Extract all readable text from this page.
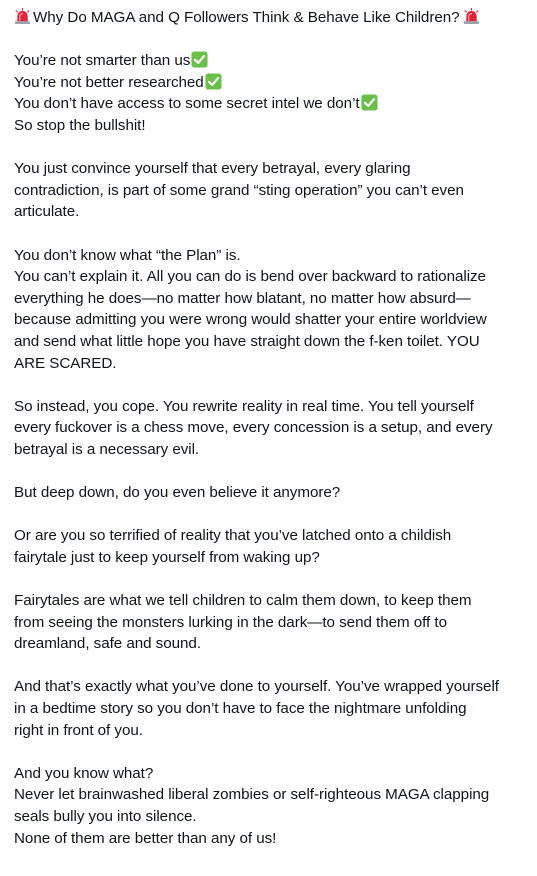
Why Do MAGA and Q Followers Think & Behave Like Children?
You’re not smarter than us
You’re not better researched
You don’t have access to some secret intel we don’t
So stop the bullshit!
You just convince yourself that every betrayal, every glaring
contradiction, is part of some grand “sting operation” you can’t even
articulate.
You don’t know what “the Plan” is.
You can’t explain it. All you can do is bend over backward to rationalize
everything he does—no matter how blatant, no matter how absurd—
because admitting you were wrong would shatter your entire worldview
and send what little hope you have straight down the f-ken toilet. YOU
ARE SCARED.
So instead, you cope. You rewrite reality in real time. You tell yourself
every fuckover is a chess move, every concession is a setup, and every
betrayal is a necessary evil.
But deep down, do you even believe it anymore?
Or are you so terrified of reality that you’ve latched onto a childish
fairytale just to keep yourself from waking up?
Fairytales are what we tell children to calm them down, to keep them
from seeing the monsters lurking in the dark—to send them off to
dreamland, safe and sound.
And that’s exactly what you’ve done to yourself. You’ve wrapped yourself
in a bedtime story so you don’t have to face the nightmare unfolding
right in front of you.
And you know what?
Never let brainwashed liberal zombies or self-righteous MAGA clapping
seals bully you into silence.
None of them are better than any of us!
